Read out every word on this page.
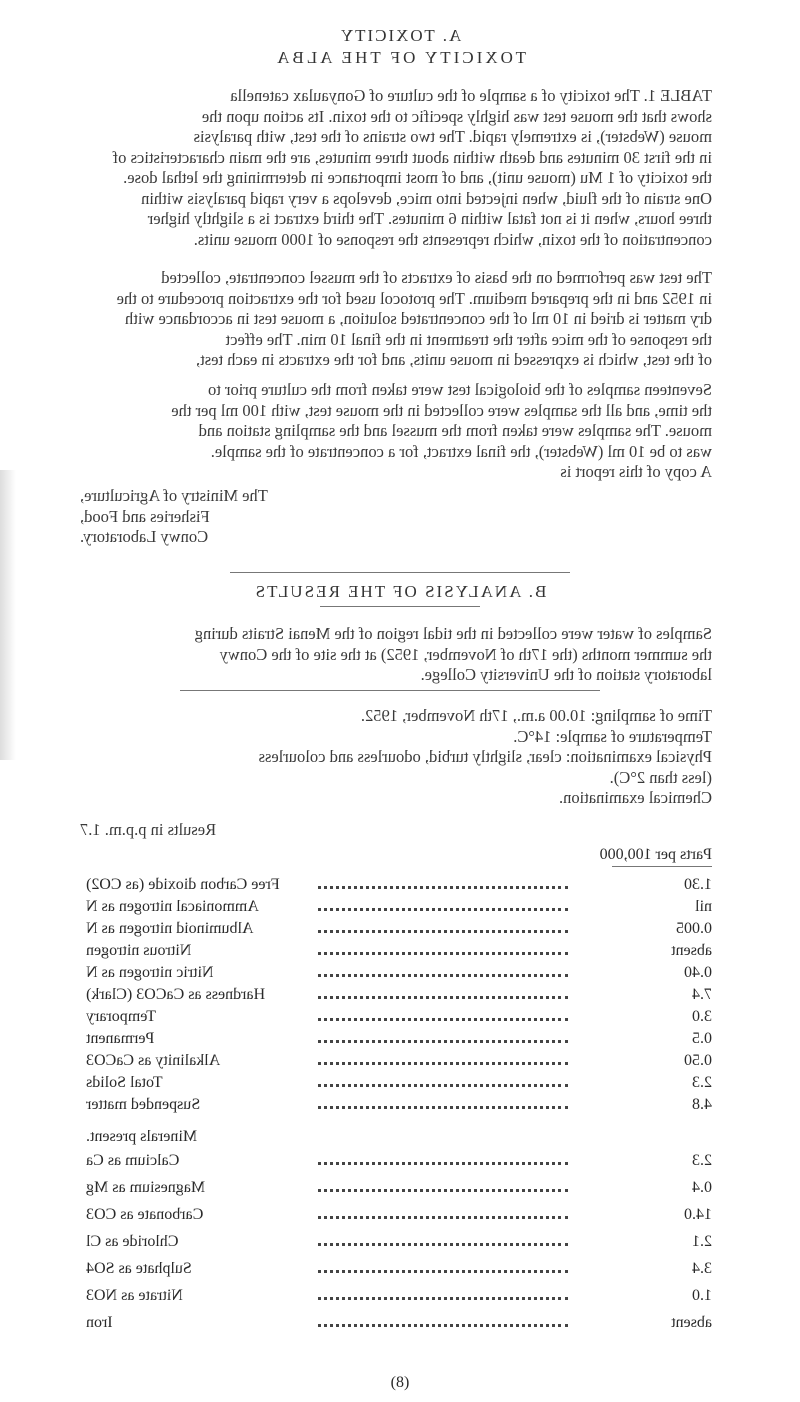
A. TOXICITY
TOXICITY OF THE ALBA
TABLE 1. The toxicity of a sample of the culture of Gonyaulax catenella
shows that the mouse test was highly specific to the toxin. Its action upon the
mouse (Webster), is extremely rapid. The two strains of the test, with paralysis
in the first 30 minutes and death within about three minutes, are the main characteristics of
the toxicity of 1 Mu (mouse unit), and of most importance in determining the lethal dose.
One strain of the fluid, when injected into mice, develops a very rapid paralysis within
three hours, when it is not fatal within 6 minutes. The third extract is a slightly higher
concentration of the toxin, which represents the response of 1000 mouse units.
The test was performed on the basis of extracts of the mussel concentrate, collected
in 1952 and in the prepared medium. The protocol used for the extraction procedure to the
dry matter is dried in 10 ml of the concentrated solution, a mouse test in accordance with
the response of the mice after the treatment in the final 10 min. The effect
of the test, which is expressed in mouse units, and for the extracts in each test,
Seventeen samples of the biological test were taken from the culture prior to
the time, and all the samples were collected in the mouse test, with 100 ml per the
mouse. The samples were taken from the mussel and the sampling station and
was to be 10 ml (Webster), the final extract, for a concentrate of the sample.
A copy of this report is
The Ministry of Agriculture,
Fisheries and Food,
Conwy Laboratory.
B. ANALYSIS OF THE RESULTS
Samples of water were collected in the tidal region of the Menai Straits during
the summer months (the 17th of November, 1952) at the site of the Conwy
laboratory station of the University College.
Time of sampling: 10.00 a.m., 17th November, 1952.
Temperature of sample: 14°C.
Physical examination: clear, slightly turbid, odourless and colourless
(less than 2°C).
Chemical examination.
Results in p.p.m. 1.7
Parts per 100,000
1.30
Free Carbon dioxide (as CO2)
nil
Ammoniacal nitrogen as N
0.005
Albuminoid nitrogen as N
absent
Nitrous nitrogen
0.40
Nitric nitrogen as N
7.4
Hardness as CaCO3 (Clark)
3.0
Temporary
0.5
Permanent
0.50
Alkalinity as CaCO3
2.3
Total Solids
4.8
Suspended matter
Minerals present.
2.3
Calcium as Ca
0.4
Magnesium as Mg
14.0
Carbonate as CO3
2.1
Chloride as Cl
3.4
Sulphate as SO4
1.0
Nitrate as NO3
absent
Iron
(8)
